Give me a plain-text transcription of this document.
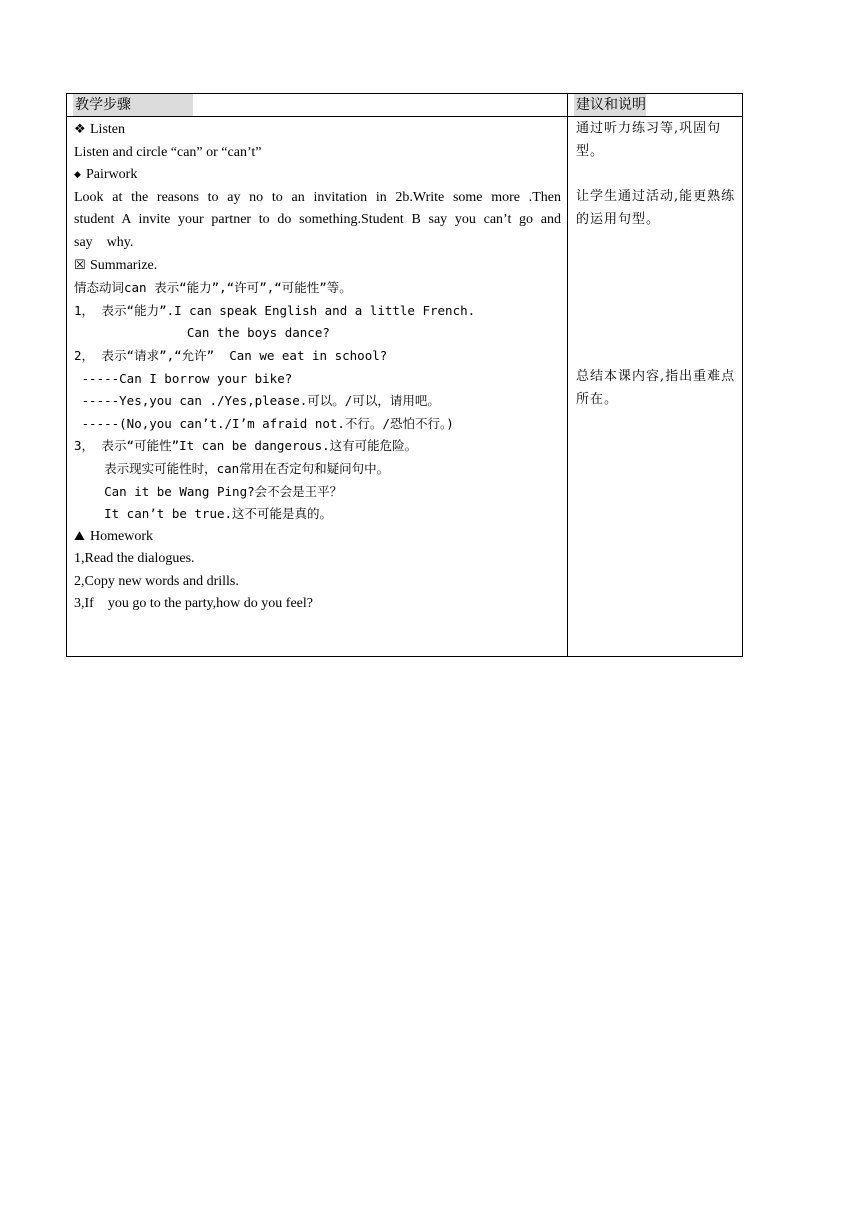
教学步骤	建议和说明
❖ Listen
Listen and circle “can” or “can’t”
◆ Pairwork
Look at the reasons to ay no to an invitation in 2b.Write some more .Then
student A invite your partner to do something.Student B say you can’t go and
say    why.
☒ Summarize.
情态动词can 表示“能力”,“许可”,“可能性”等。
1， 表示“能力”.I can speak English and a little French.
Can the boys dance?
2， 表示“请求”,“允许”  Can we eat in school?
-----Can I borrow your bike?
-----Yes,you can ./Yes,please.可以。/可以，请用吧。
-----(No,you can’t./I’m afraid not.不行。/恐怕不行。)
3， 表示“可能性”It can be dangerous.这有可能危险。
表示现实可能性时，can常用在否定句和疑问句中。
Can it be Wang Ping?会不会是王平？
It can’t be true.这不可能是真的。
⛰ Homework
1,Read the dialogues.
2,Copy new words and drills.
3,If    you go to the party,how do you feel?
通过听力练习等,巩固句型。
让学生通过活动,能更熟练的运用句型。
总结本课内容,指出重难点所在。
